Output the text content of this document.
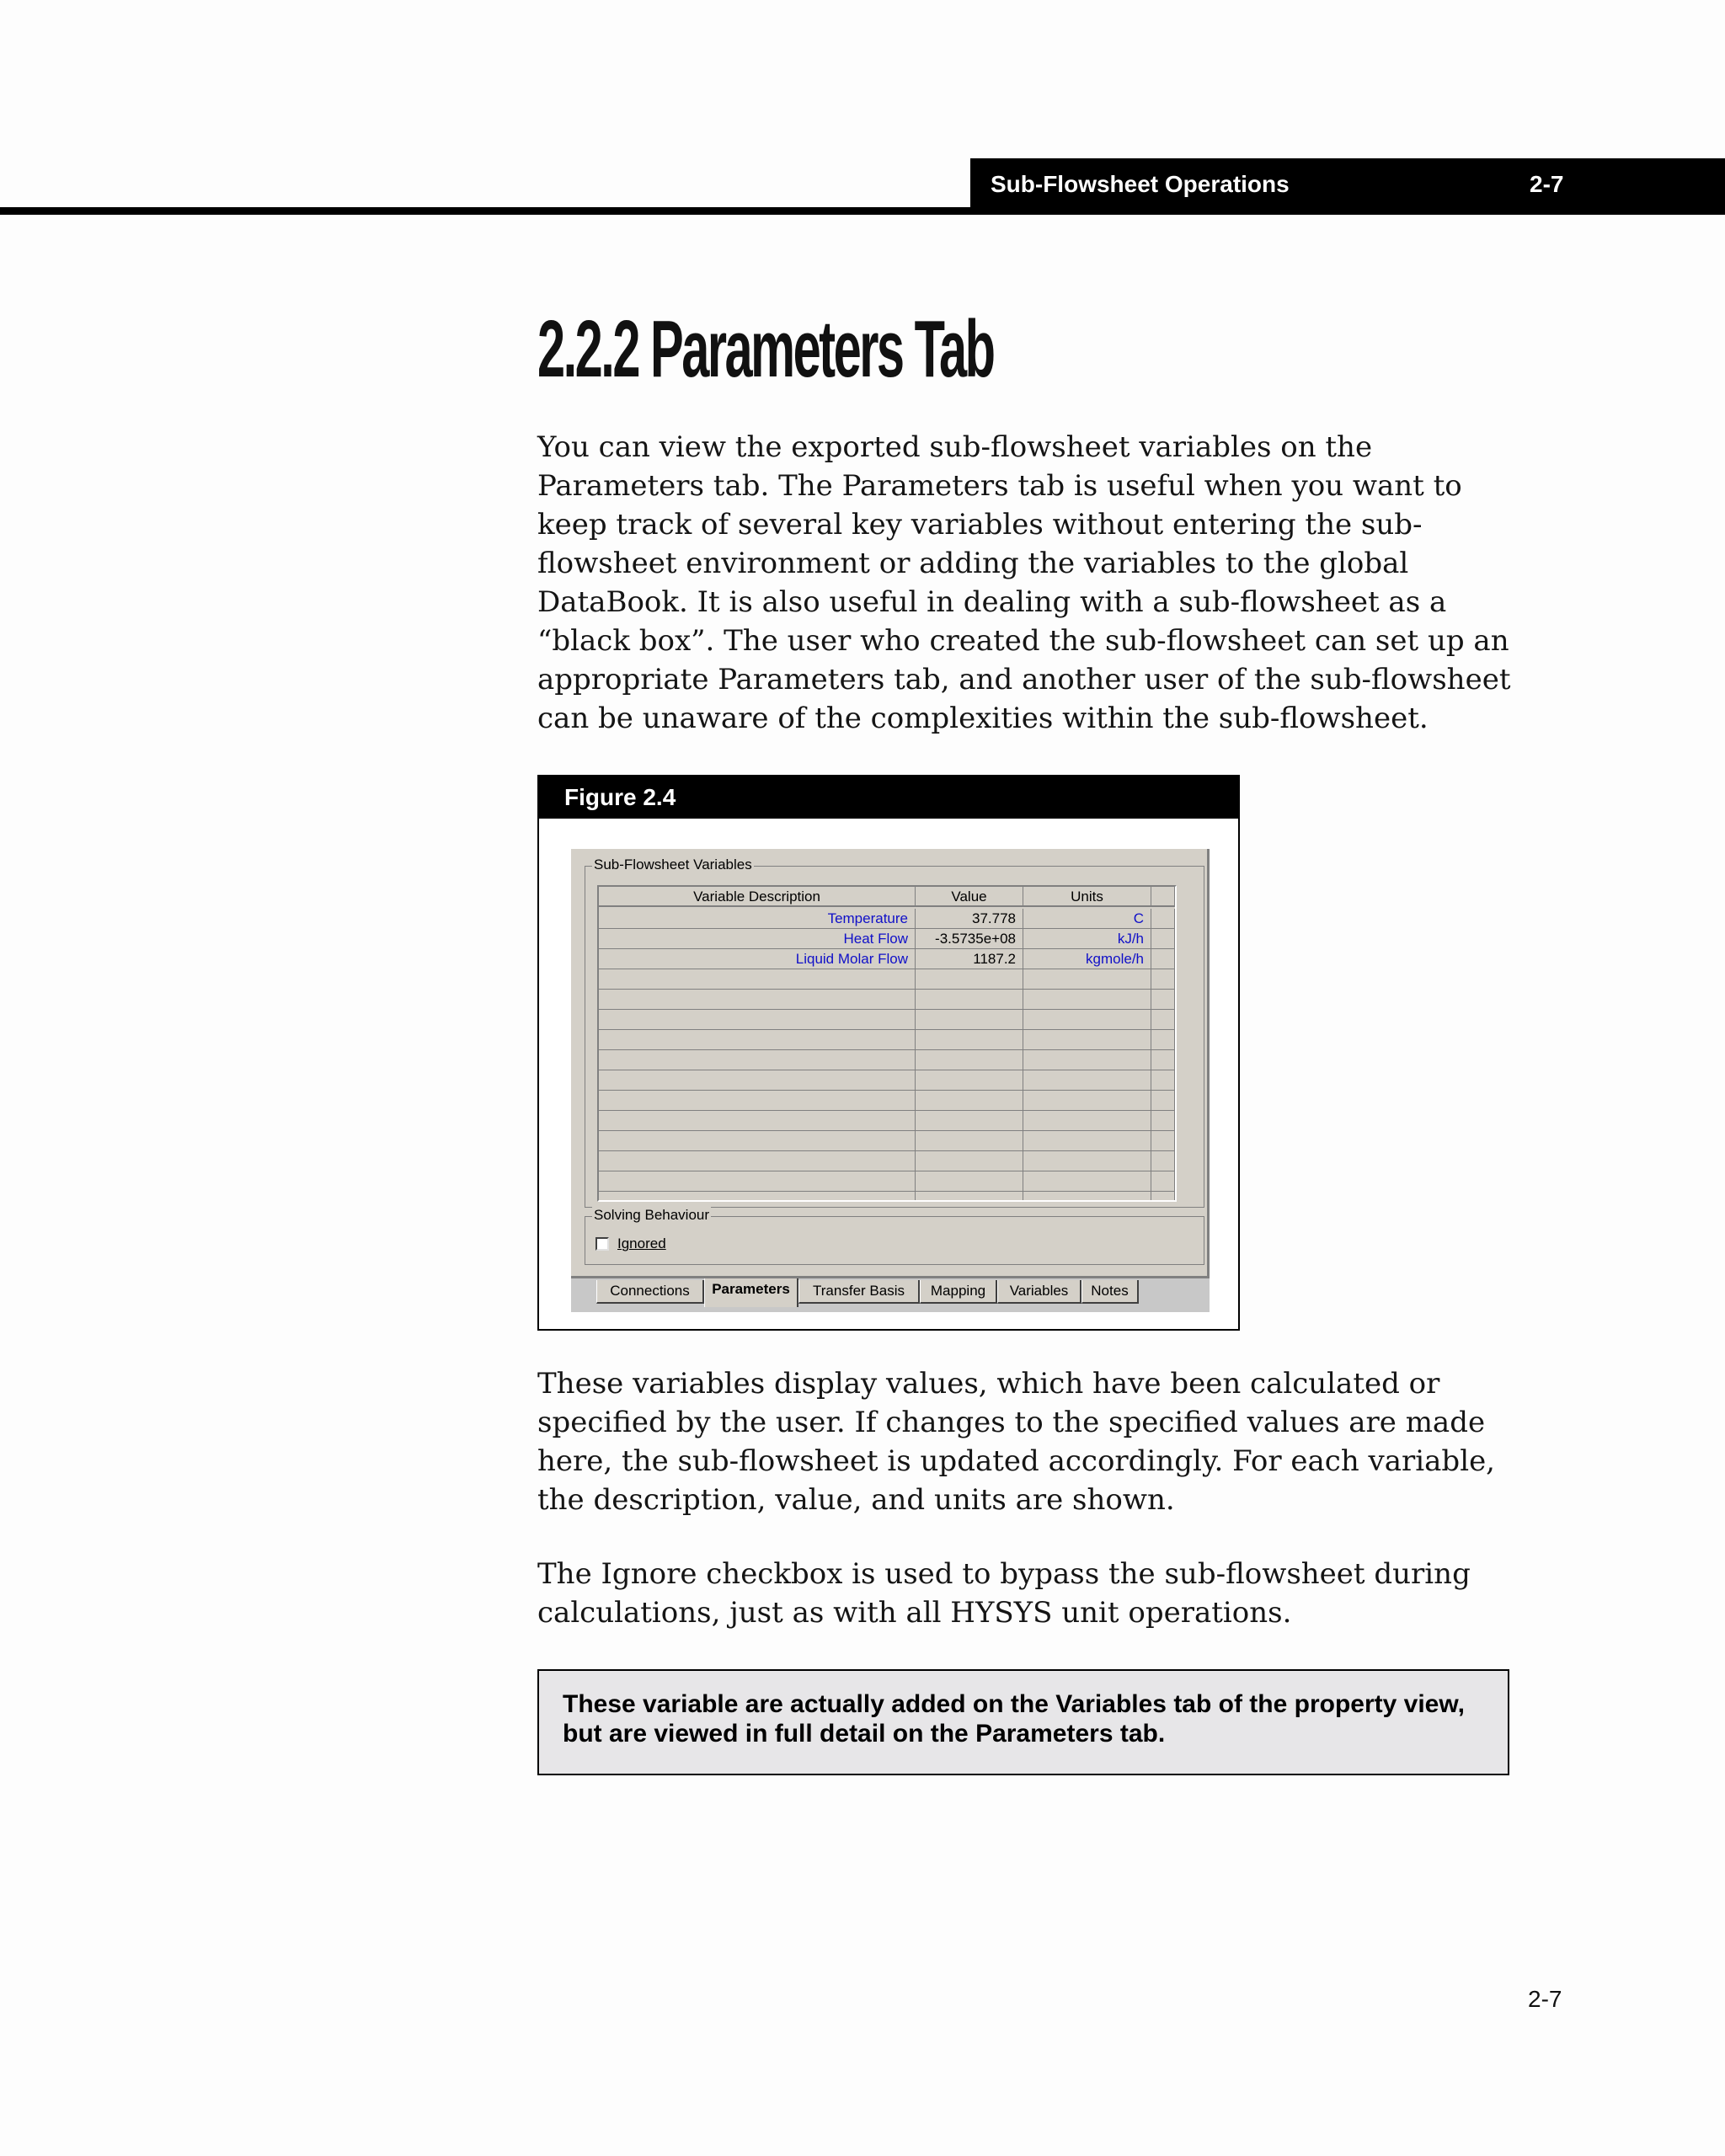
Sub-Flowsheet Operations	2-7
2.2.2 Parameters Tab

You can view the exported sub-flowsheet variables on the Parameters tab. The Parameters tab is useful when you want to keep track of several key variables without entering the sub-flowsheet environment or adding the variables to the global DataBook. It is also useful in dealing with a sub-flowsheet as a “black box”. The user who created the sub-flowsheet can set up an appropriate Parameters tab, and another user of the sub-flowsheet can be unaware of the complexities within the sub-flowsheet.

Figure 2.4
Sub-Flowsheet Variables
Variable Description	Value	Units
Temperature	37.778	C
Heat Flow	-3.5735e+08	kJ/h
Liquid Molar Flow	1187.2	kgmole/h
Solving Behaviour
Ignored
Connections	Parameters	Transfer Basis	Mapping	Variables	Notes

These variables display values, which have been calculated or specified by the user. If changes to the specified values are made here, the sub-flowsheet is updated accordingly. For each variable, the description, value, and units are shown.

The Ignore checkbox is used to bypass the sub-flowsheet during calculations, just as with all HYSYS unit operations.

These variable are actually added on the Variables tab of the property view, but are viewed in full detail on the Parameters tab.

2-7
